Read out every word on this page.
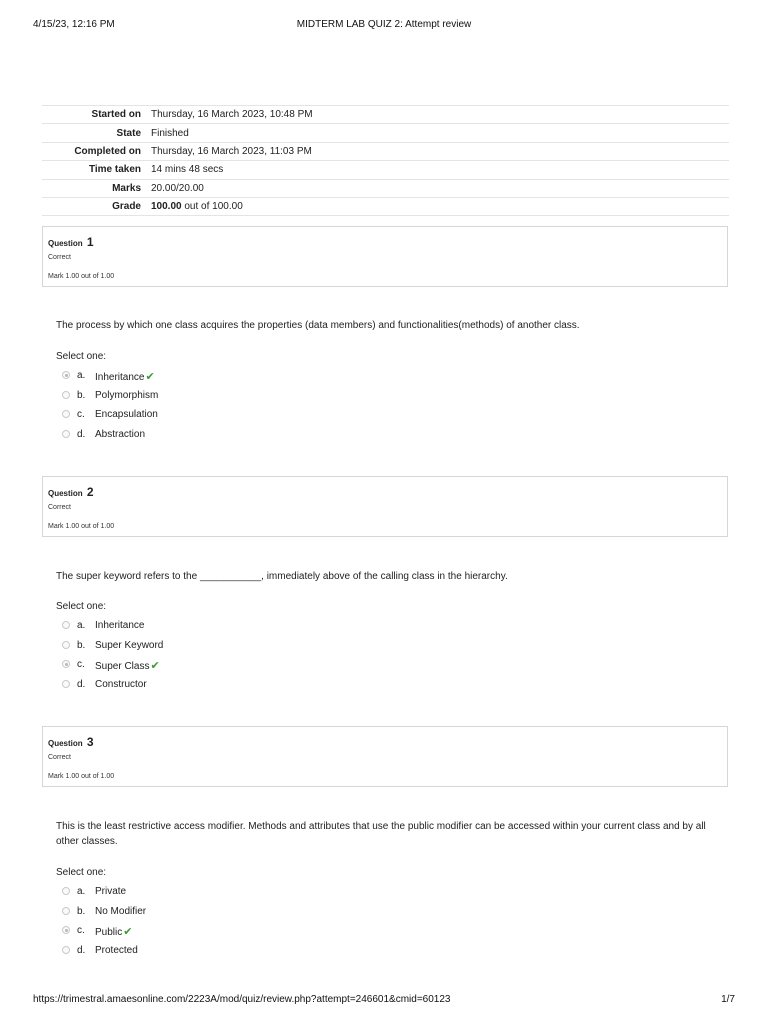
4/15/23, 12:16 PM	MIDTERM LAB QUIZ 2: Attempt review
Started on	Thursday, 16 March 2023, 10:48 PM
State	Finished
Completed on	Thursday, 16 March 2023, 11:03 PM
Time taken	14 mins 48 secs
Marks	20.00/20.00
Grade	100.00 out of 100.00
Question 1
Correct
Mark 1.00 out of 1.00
The process by which one class acquires the properties (data members) and functionalities(methods) of another class.
Select one:
a. Inheritance✔
b. Polymorphism
c. Encapsulation
d. Abstraction
Question 2
Correct
Mark 1.00 out of 1.00
The super keyword refers to the ___________, immediately above of the calling class in the hierarchy.
Select one:
a. Inheritance
b. Super Keyword
c. Super Class✔
d. Constructor
Question 3
Correct
Mark 1.00 out of 1.00
This is the least restrictive access modifier. Methods and attributes that use the public modifier can be accessed within your current class and by all other classes.
Select one:
a. Private
b. No Modifier
c. Public✔
d. Protected
https://trimestral.amaesonline.com/2223A/mod/quiz/review.php?attempt=246601&cmid=60123	1/7
